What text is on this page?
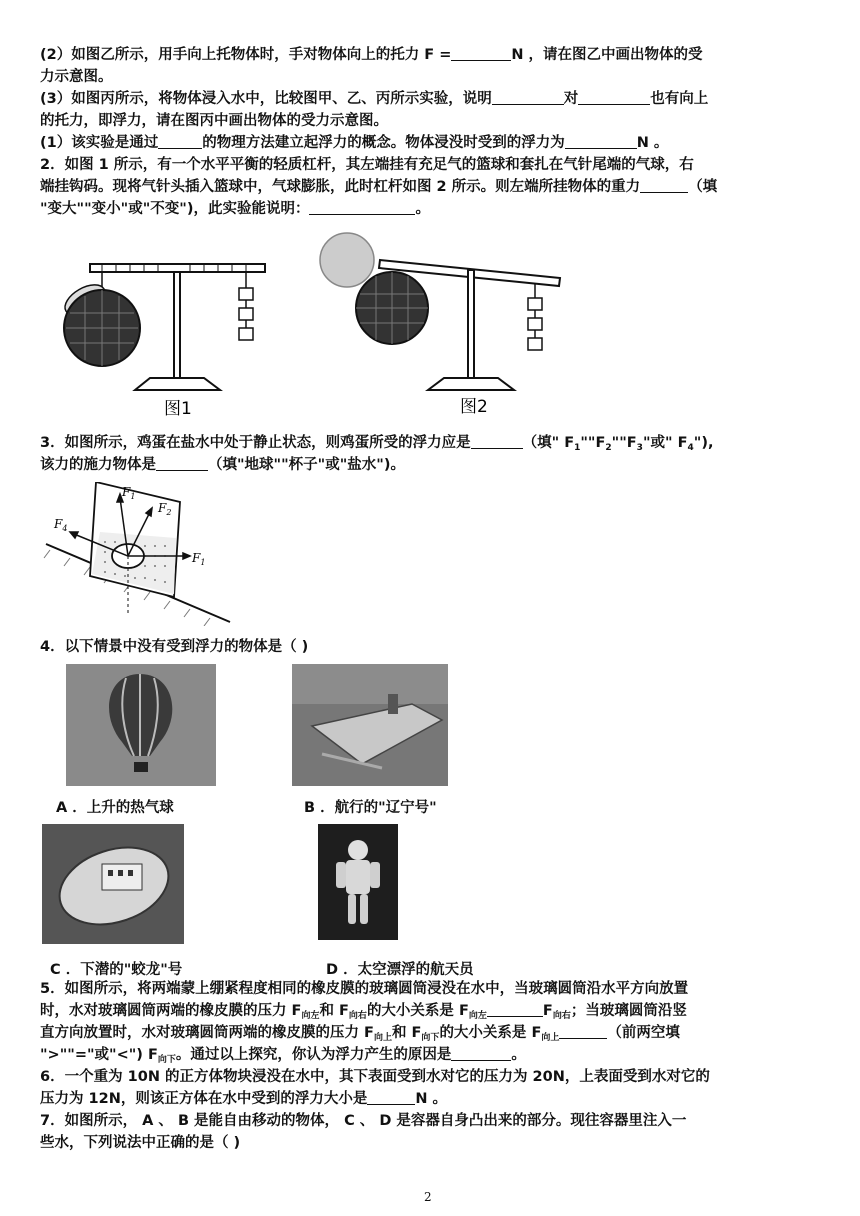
(2）如图乙所示，用手向上托物体时，手对物体向上的托力 F =	N ，请在图乙中画出物体的受
力示意图。
(3）如图丙所示，将物体浸入水中，比较图甲、乙、丙所示实验，说明	对	也有向上
的托力，即浮力，请在图丙中画出物体的受力示意图。
(1）该实验是通过	的物理方法建立起浮力的概念。物体浸没时受到的浮力为	N 。
2．如图 1 所示，有一个水平平衡的轻质杠杆，其左端挂有充足气的篮球和套扎在气针尾端的气球，右
端挂钩码。现将气针头插入篮球中，气球膨胀，此时杠杆如图 2 所示。则左端所挂物体的重力	（填
"变大""变小"或"不变")，此实验能说明：	。
图1	图2
3．如图所示，鸡蛋在盐水中处于静止状态，则鸡蛋所受的浮力应是	（填" $F_1""F_2""F_3$"或" $F_4$"),
该力的施力物体是	（填"地球""杯子"或"盐水")。
$F_1$
$F_2$
$F_4$
$F_1$
4．以下情景中没有受到浮力的物体是（ )
A ．上升的热气球	B ．航行的"辽宁号"
C ．下潜的"蛟龙"号	D ．太空漂浮的航天员
5．如图所示，将两端蒙上绷紧程度相同的橡皮膜的玻璃圆筒浸没在水中，当玻璃圆筒沿水平方向放置
时，水对玻璃圆筒两端的橡皮膜的压力 $F_{向左}$和 $F_{向右}$的大小关系是 $F_{向左}$	$F_{向右}$；当玻璃圆筒沿竖
直方向放置时，水对玻璃圆筒两端的橡皮膜的压力 $F_{向上}$和 $F_{向下}$的大小关系是 $F_{向上}$	（前两空填
">""="或"<") $F_{向下}$。通过以上探究，你认为浮力产生的原因是	。
6．一个重为 10N 的正方体物块浸没在水中，其下表面受到水对它的压力为 20N，上表面受到水对它的
压力为 12N，则该正方体在水中受到的浮力大小是	N 。
7．如图所示， A 、 B 是能自由移动的物体， C 、 D 是容器自身凸出来的部分。现往容器里注入一
些水，下列说法中正确的是（ )
2
